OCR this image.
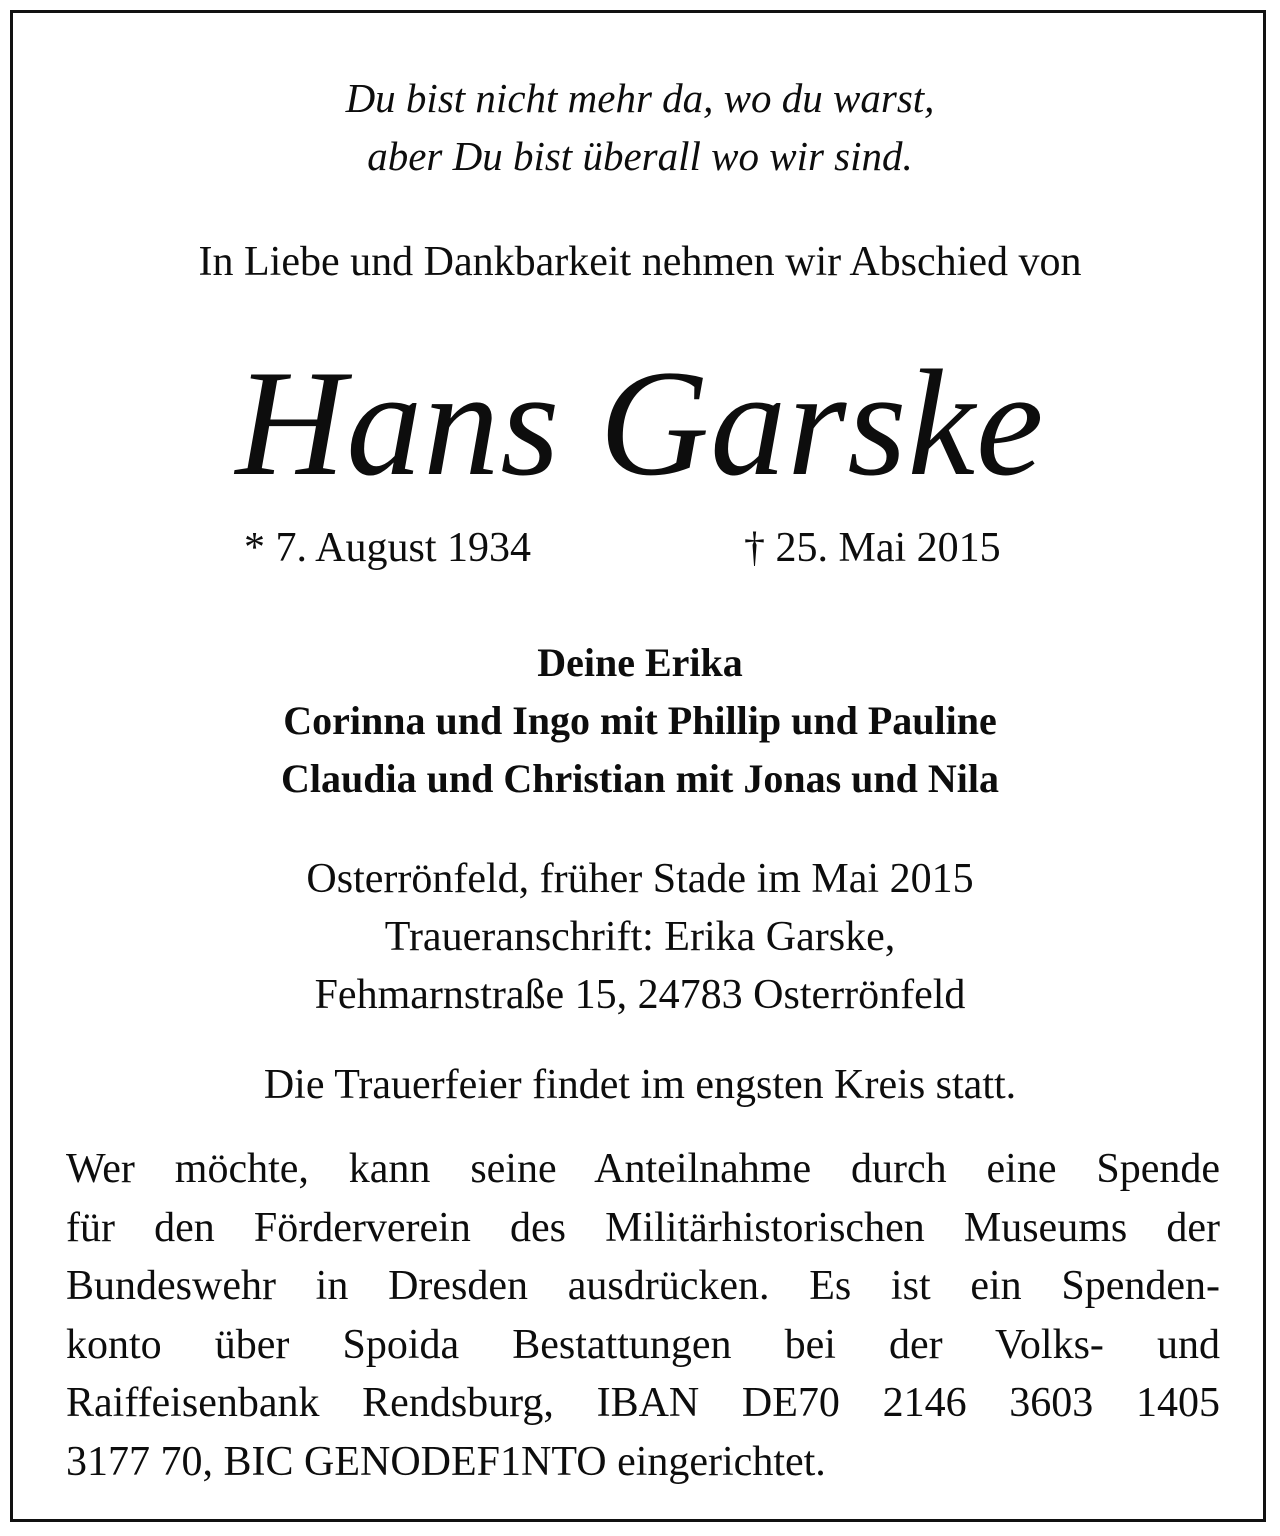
Du bist nicht mehr da, wo du warst,
aber Du bist überall wo wir sind.
In Liebe und Dankbarkeit nehmen wir Abschied von
Hans Garske
* 7. August 1934	† 25. Mai 2015
Deine Erika
Corinna und Ingo mit Phillip und Pauline
Claudia und Christian mit Jonas und Nila
Osterrönfeld, früher Stade im Mai 2015
Traueranschrift: Erika Garske,
Fehmarnstraße 15, 24783 Osterrönfeld
Die Trauerfeier findet im engsten Kreis statt.
Wer möchte, kann seine Anteilnahme durch eine Spende
für den Förderverein des Militärhistorischen Museums der
Bundeswehr in Dresden ausdrücken. Es ist ein Spenden-
konto über Spoida Bestattungen bei der Volks- und
Raiffeisenbank Rendsburg, IBAN DE70 2146 3603 1405
3177 70, BIC GENODEF1NTO eingerichtet.
